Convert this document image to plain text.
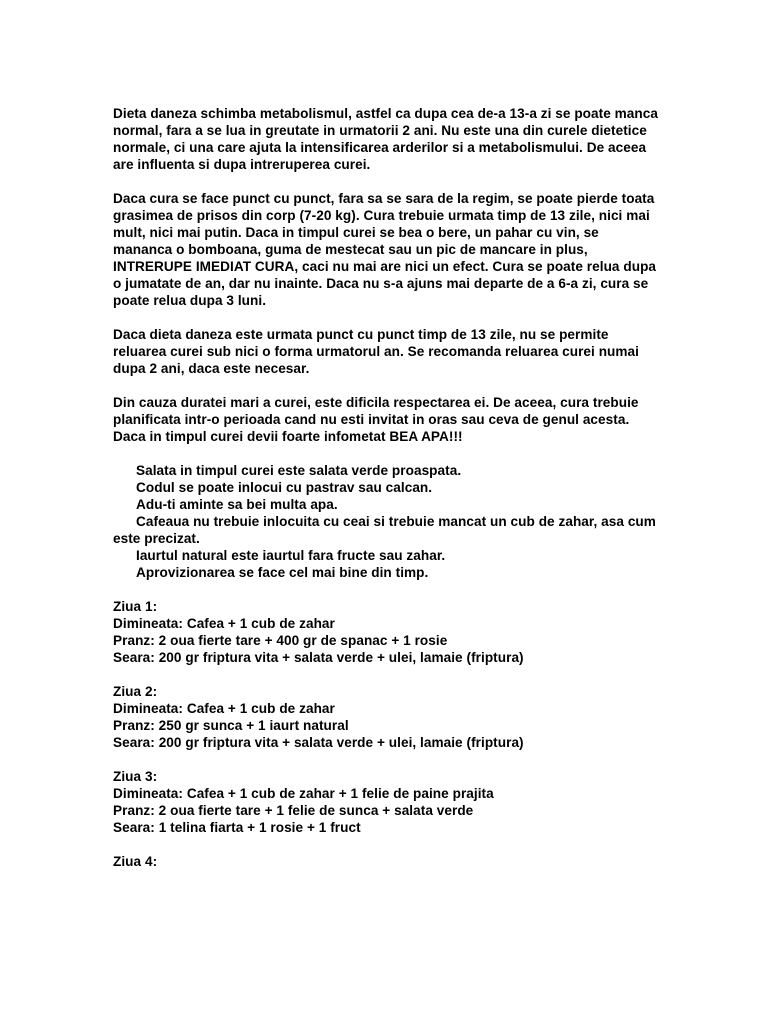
Dieta daneza schimba metabolismul, astfel ca dupa cea de-a 13-a zi se poate manca normal, fara a se lua in greutate in urmatorii 2 ani. Nu este una din curele dietetice normale, ci una care ajuta la intensificarea arderilor si a metabolismului. De aceea are influenta si dupa intreruperea curei.

Daca cura se face punct cu punct, fara sa se sara de la regim, se poate pierde toata grasimea de prisos din corp (7-20 kg). Cura trebuie urmata timp de 13 zile, nici mai mult, nici mai putin. Daca in timpul curei se bea o bere, un pahar cu vin, se mananca o bomboana, guma de mestecat sau un pic de mancare in plus, INTRERUPE IMEDIAT CURA, caci nu mai are nici un efect. Cura se poate relua dupa o jumatate de an, dar nu inainte. Daca nu s-a ajuns mai departe de a 6-a zi, cura se poate relua dupa 3 luni.

Daca dieta daneza este urmata punct cu punct timp de 13 zile, nu se permite reluarea curei sub nici o forma urmatorul an. Se recomanda reluarea curei numai dupa 2 ani, daca este necesar.

Din cauza duratei mari a curei, este dificila respectarea ei. De aceea, cura trebuie planificata intr-o perioada cand nu esti invitat in oras sau ceva de genul acesta. Daca in timpul curei devii foarte infometat BEA APA!!!

Salata in timpul curei este salata verde proaspata.
Codul se poate inlocui cu pastrav sau calcan.
Adu-ti aminte sa bei multa apa.
Cafeaua nu trebuie inlocuita cu ceai si trebuie mancat un cub de zahar, asa cum este precizat.
Iaurtul natural este iaurtul fara fructe sau zahar.
Aprovizionarea se face cel mai bine din timp.
Ziua 1:
Dimineata: Cafea + 1 cub de zahar
Pranz: 2 oua fierte tare + 400 gr de spanac + 1 rosie
Seara: 200 gr friptura vita + salata verde + ulei, lamaie (friptura)
Ziua 2:
Dimineata: Cafea + 1 cub de zahar
Pranz: 250 gr sunca + 1 iaurt natural
Seara: 200 gr friptura vita + salata verde + ulei, lamaie (friptura)
Ziua 3:
Dimineata: Cafea + 1 cub de zahar + 1 felie de paine prajita
Pranz: 2 oua fierte tare + 1 felie de sunca + salata verde
Seara: 1 telina fiarta + 1 rosie + 1 fruct
Ziua 4:
